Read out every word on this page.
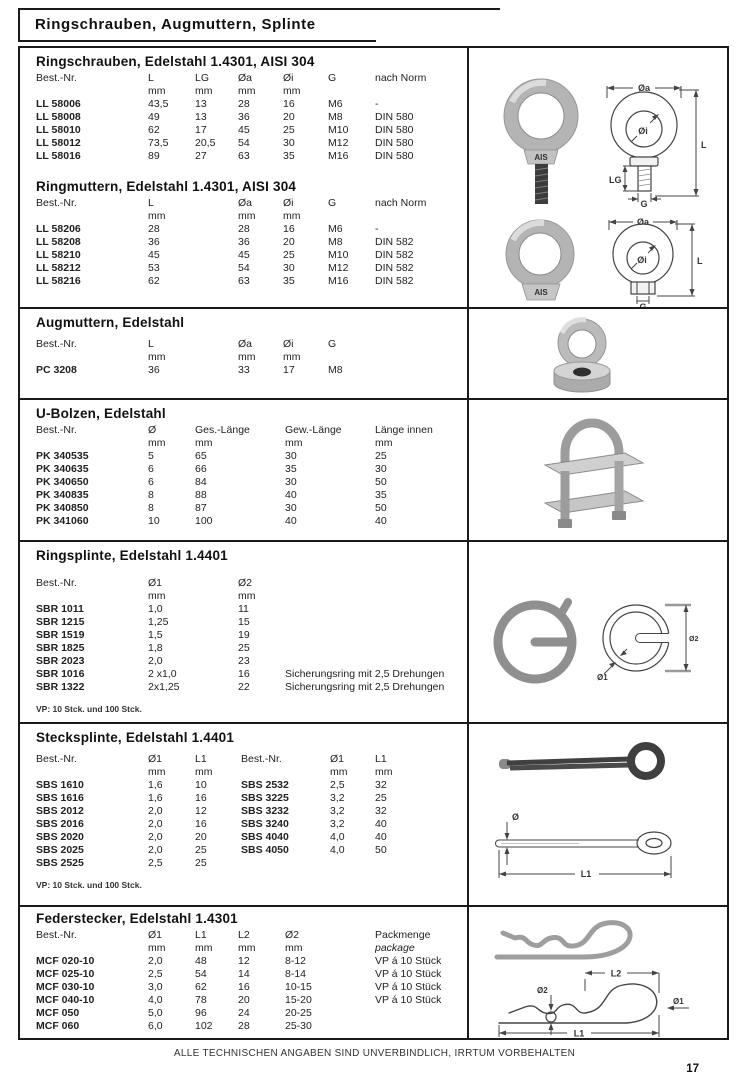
Ringschrauben, Augmuttern, Splinte
Ringschrauben, Edelstahl 1.4301, AISI 304
Best.-Nr.	L	LG	Øa	Øi	G	nach Norm
mm	mm	mm	mm
LL 58006	43,5	13	28	16	M6	-
LL 58008	49	13	36	20	M8	DIN 580
LL 58010	62	17	45	25	M10	DIN 580
LL 58012	73,5	20,5	54	30	M12	DIN 580
LL 58016	89	27	63	35	M16	DIN 580
Ringmuttern, Edelstahl 1.4301, AISI 304
Best.-Nr.	L	Øa	Øi	G	nach Norm
mm	mm	mm
LL 58206	28	28	16	M6	-
LL 58208	36	36	20	M8	DIN 582
LL 58210	45	45	25	M10	DIN 582
LL 58212	53	54	30	M12	DIN 582
LL 58216	62	63	35	M16	DIN 582
AIS
Øa
Øi
L
LG
G
AIS
Øa
Øi	L
G
Augmuttern, Edelstahl
Best.-Nr.	L	Øa	Øi	G
mm	mm	mm
PC 3208	36	33	17	M8
U-Bolzen, Edelstahl
Best.-Nr.	Ø	Ges.-Länge	Gew.-Länge	Länge innen
mm	mm	mm	mm
PK 340535	5	65	30	25
PK 340635	6	66	35	30
PK 340650	6	84	30	50
PK 340835	8	88	40	35
PK 340850	8	87	30	50
PK 341060	10	100	40	40
Ringsplinte, Edelstahl 1.4401
Best.-Nr.	Ø1	Ø2
mm	mm
SBR 1011	1,0	11
SBR 1215	1,25	15
SBR 1519	1,5	19
SBR 1825	1,8	25
SBR 2023	2,0	23
SBR 1016	2 x1,0	16	Sicherungsring mit 2,5 Drehungen
SBR 1322	2x1,25	22	Sicherungsring mit 2,5 Drehungen
VP: 10 Stck. und 100 Stck.
Ø1
Ø2
Stecksplinte, Edelstahl 1.4401
Best.-Nr.	Ø1	L1	Best.-Nr.	Ø1	L1
mm	mm	mm	mm
SBS 1610	1,6	10	SBS 2532	2,5	32
SBS 1616	1,6	16	SBS 3225	3,2	25
SBS 2012	2,0	12	SBS 3232	3,2	32
SBS 2016	2,0	16	SBS 3240	3,2	40
SBS 2020	2,0	20	SBS 4040	4,0	40
SBS 2025	2,0	25	SBS 4050	4,0	50
SBS 2525	2,5	25
VP: 10 Stck. und 100 Stck.
Ø
L1
Federstecker, Edelstahl 1.4301
Best.-Nr.	Ø1	L1	L2	Ø2	Packmenge
mm	mm	mm	mm	package
MCF 020-10	2,0	48	12	8-12	VP á 10 Stück
MCF 025-10	2,5	54	14	8-14	VP á 10 Stück
MCF 030-10	3,0	62	16	10-15	VP á 10 Stück
MCF 040-10	4,0	78	20	15-20	VP á 10 Stück
MCF 050	5,0	96	24	20-25
MCF 060	6,0	102	28	25-30
L2
Ø2
Ø1
L1
ALLE TECHNISCHEN ANGABEN SIND UNVERBINDLICH, IRRTUM VORBEHALTEN
17
